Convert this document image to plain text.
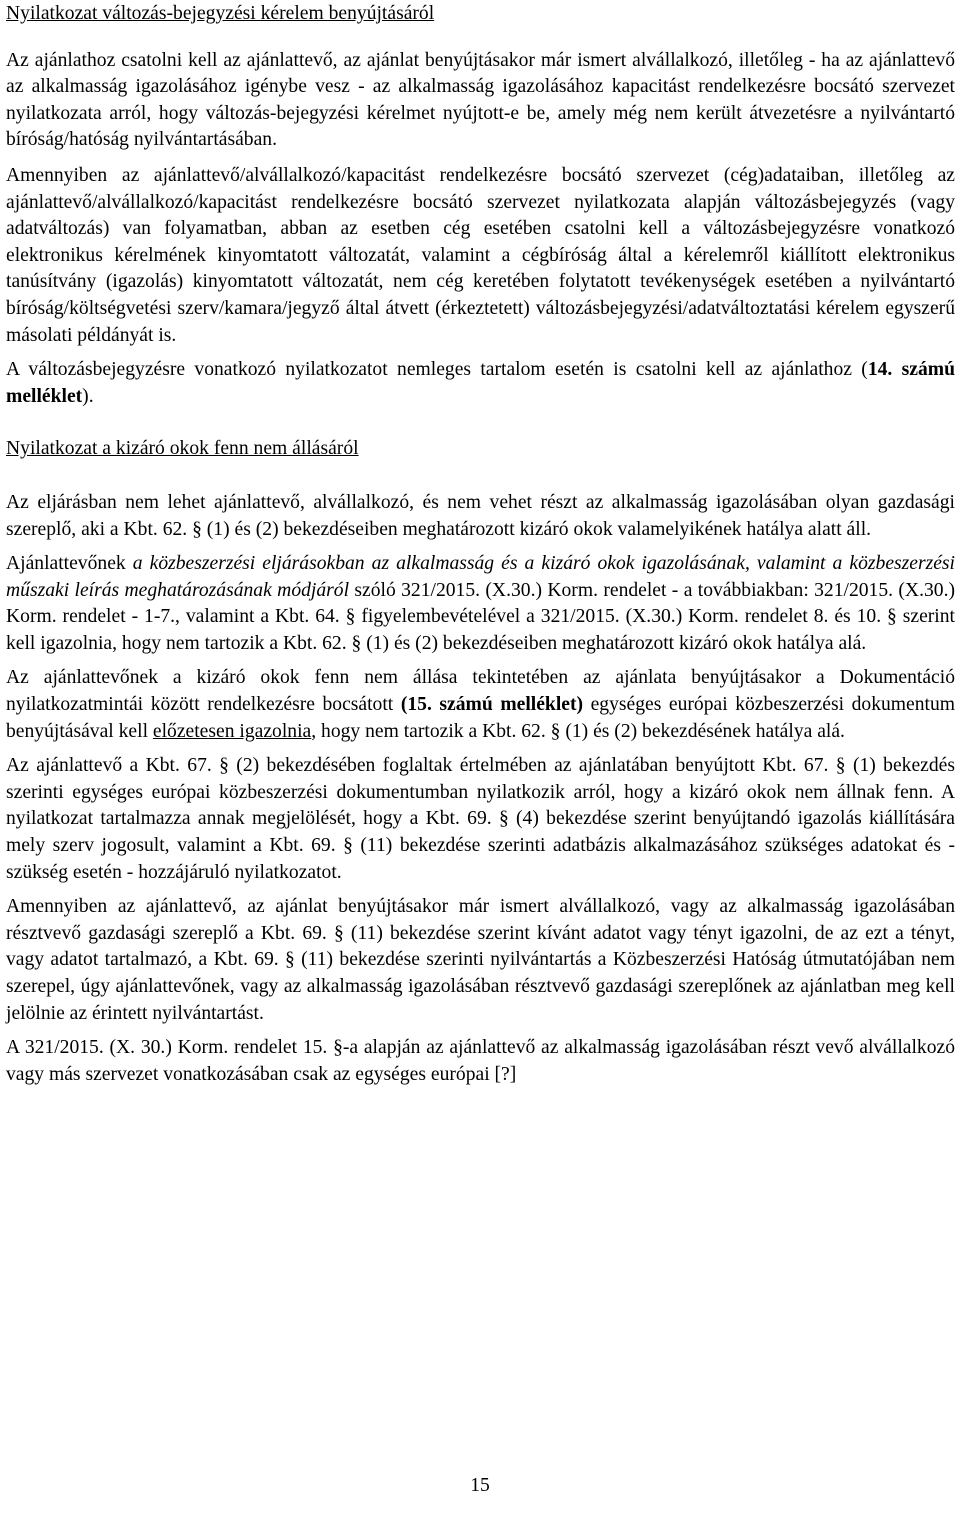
Nyilatkozat változás-bejegyzési kérelem benyújtásáról

Az ajánlathoz csatolni kell az ajánlattevő, az ajánlat benyújtásakor már ismert alvállalkozó, illetőleg - ha az ajánlattevő az alkalmasság igazolásához igénybe vesz - az alkalmasság igazolásához kapacitást rendelkezésre bocsátó szervezet nyilatkozata arról, hogy változás-bejegyzési kérelmet nyújtott-e be, amely még nem került átvezetésre a nyilvántartó bíróság/hatóság nyilvántartásában.

Amennyiben az ajánlattevő/alvállalkozó/kapacitást rendelkezésre bocsátó szervezet (cég)adataiban, illetőleg az ajánlattevő/alvállalkozó/kapacitást rendelkezésre bocsátó szervezet nyilatkozata alapján változásbejegyzés (vagy adatváltozás) van folyamatban, abban az esetben cég esetében csatolni kell a változásbejegyzésre vonatkozó elektronikus kérelmének kinyomtatott változatát, valamint a cégbíróság által a kérelemről kiállított elektronikus tanúsítvány (igazolás) kinyomtatott változatát, nem cég keretében folytatott tevékenységek esetében a nyilvántartó bíróság/költségvetési szerv/kamara/jegyző által átvett (érkeztetett) változásbejegyzési/adatváltoztatási kérelem egyszerű másolati példányát is.

A változásbejegyzésre vonatkozó nyilatkozatot nemleges tartalom esetén is csatolni kell az ajánlathoz (14. számú melléklet).

Nyilatkozat a kizáró okok fenn nem állásáról

Az eljárásban nem lehet ajánlattevő, alvállalkozó, és nem vehet részt az alkalmasság igazolásában olyan gazdasági szereplő, aki a Kbt. 62. § (1) és (2) bekezdéseiben meghatározott kizáró okok valamelyikének hatálya alatt áll.

Ajánlattevőnek a közbeszerzési eljárásokban az alkalmasság és a kizáró okok igazolásának, valamint a közbeszerzési műszaki leírás meghatározásának módjáról szóló 321/2015. (X.30.) Korm. rendelet - a továbbiakban: 321/2015. (X.30.) Korm. rendelet - 1-7., valamint a Kbt. 64. § figyelembevételével a 321/2015. (X.30.) Korm. rendelet 8. és 10. § szerint kell igazolnia, hogy nem tartozik a Kbt. 62. § (1) és (2) bekezdéseiben meghatározott kizáró okok hatálya alá.

Az ajánlattevőnek a kizáró okok fenn nem állása tekintetében az ajánlata benyújtásakor a Dokumentáció nyilatkozatmintái között rendelkezésre bocsátott (15. számú melléklet) egységes európai közbeszerzési dokumentum benyújtásával kell előzetesen igazolnia, hogy nem tartozik a Kbt. 62. § (1) és (2) bekezdésének hatálya alá.

Az ajánlattevő a Kbt. 67. § (2) bekezdésében foglaltak értelmében az ajánlatában benyújtott Kbt. 67. § (1) bekezdés szerinti egységes európai közbeszerzési dokumentumban nyilatkozik arról, hogy a kizáró okok nem állnak fenn. A nyilatkozat tartalmazza annak megjelölését, hogy a Kbt. 69. § (4) bekezdése szerint benyújtandó igazolás kiállítására mely szerv jogosult, valamint a Kbt. 69. § (11) bekezdése szerinti adatbázis alkalmazásához szükséges adatokat és - szükség esetén - hozzájáruló nyilatkozatot.

Amennyiben az ajánlattevő, az ajánlat benyújtásakor már ismert alvállalkozó, vagy az alkalmasság igazolásában résztvevő gazdasági szereplő a Kbt. 69. § (11) bekezdése szerint kívánt adatot vagy tényt igazolni, de az ezt a tényt, vagy adatot tartalmazó, a Kbt. 69. § (11) bekezdése szerinti nyilvántartás a Közbeszerzési Hatóság útmutatójában nem szerepel, úgy ajánlattevőnek, vagy az alkalmasság igazolásában résztvevő gazdasági szereplőnek az ajánlatban meg kell jelölnie az érintett nyilvántartást.

A 321/2015. (X. 30.) Korm. rendelet 15. §-a alapján az ajánlattevő az alkalmasság igazolásában részt vevő alvállalkozó vagy más szervezet vonatkozásában csak az egységes európai [?]

15
